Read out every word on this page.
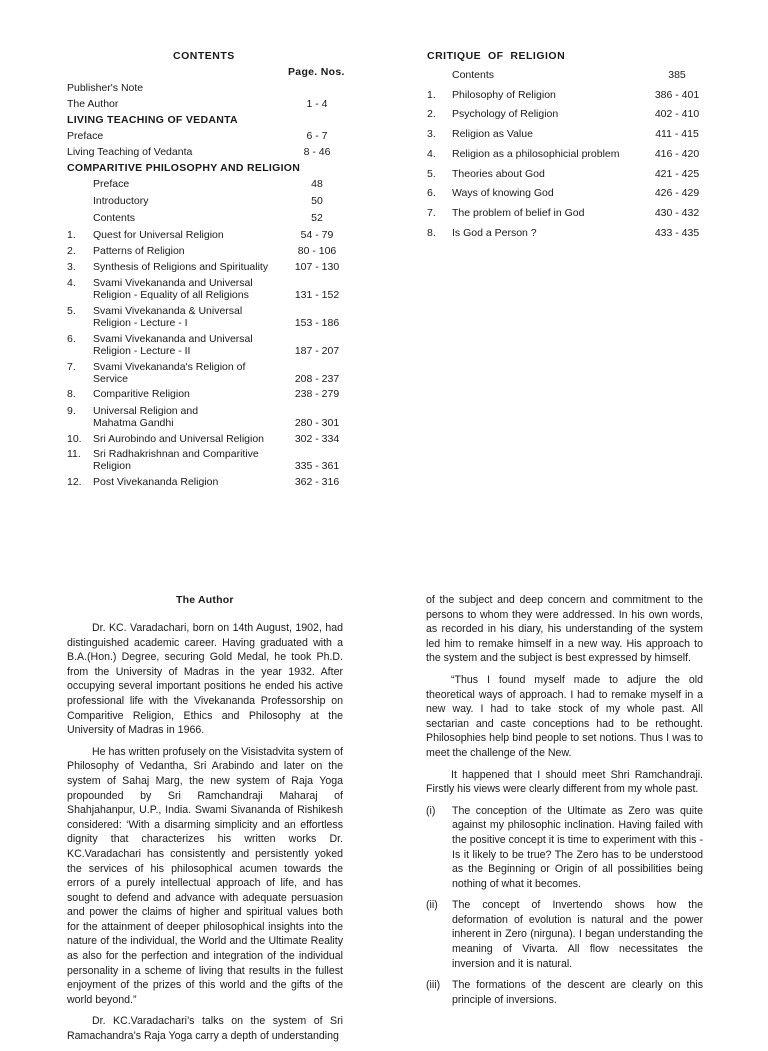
CONTENTS
Page. Nos.
Publisher's Note
The Author	1 - 4
LIVING TEACHING OF VEDANTA
Preface	6 - 7
Living Teaching of Vedanta	8 - 46
COMPARITIVE PHILOSOPHY AND RELIGION
Preface	48
Introductory	50
Contents	52
1. Quest for Universal Religion	54 - 79
2. Patterns of Religion	80 - 106
3. Synthesis of Religions and Spirituality	107 - 130
4. Svami Vivekananda and Universal
Religion - Equality of all Religions	131 - 152
5. Svami Vivekananda & Universal
Religion - Lecture - I	153 - 186
6. Svami Vivekananda and Universal
Religion - Lecture - II	187 - 207
7. Svami Vivekananda's Religion of
Service	208 - 237
8. Comparitive Religion	238 - 279
9. Universal Religion and
Mahatma Gandhi	280 - 301
10. Sri Aurobindo and Universal Religion	302 - 334
11. Sri Radhakrishnan and Comparitive
Religion	335 - 361
12. Post Vivekananda Religion	362 - 316
CRITIQUE  OF  RELIGION
Contents	385
1. Philosophy of Religion	386 - 401
2. Psychology of Religion	402 - 410
3. Religion as Value	411 - 415
4. Religion as a philosophicial problem	416 - 420
5. Theories about God	421 - 425
6. Ways of knowing God	426 - 429
7. The problem of belief in God	430 - 432
8. Is God a Person ?	433 - 435
The Author

Dr. KC. Varadachari, born on 14th August, 1902, had distinguished academic career. Having graduated with a B.A.(Hon.) Degree, securing Gold Medal, he took Ph.D. from the University of Madras in the year 1932. After occupying several important positions he ended his active professional life with the Vivekananda Professorship on Comparitive Religion, Ethics and Philosophy at the University of Madras in 1966.

He has written profusely on the Visistadvita system of Philosophy of Vedantha, Sri Arabindo and later on the system of Sahaj Marg, the new system of Raja Yoga propounded by Sri Ramchandraji Maharaj of Shahjahanpur, U.P., India. Swami Sivananda of Rishikesh considered: ‘With a disarming simplicity and an effortless dignity that characterizes his written works Dr. KC.Varadachari has consistently and persistently yoked the services of his philosophical acumen towards the errors of a purely intellectual approach of life, and has sought to defend and advance with adequate persuasion and power the claims of higher and spiritual values both for the attainment of deeper philosophical insights into the nature of the individual, the World and the Ultimate Reality as also for the perfection and integration of the individual personality in a scheme of living that results in the fullest enjoyment of the prizes of this world and the gifts of the world beyond.”

Dr. KC.Varadachari’s talks on the system of Sri Ramachandra’s Raja Yoga carry a depth of understanding

of the subject and deep concern and commitment to the persons to whom they were addressed. In his own words, as recorded in his diary, his understanding of the system led him to remake himself in a new way. His approach to the system and the subject is best expressed by himself.

“Thus I found myself made to adjure the old theoretical ways of approach. I had to remake myself in a new way. I had to take stock of my whole past. All sectarian and caste conceptions had to be rethought. Philosophies help bind people to set notions. Thus I was to meet the challenge of the New.

It happened that I should meet Shri Ramchandraji. Firstly his views were clearly different from my whole past.

(i) The conception of the Ultimate as Zero was quite against my philosophic inclination. Having failed with the positive concept it is time to experiment with this - Is it likely to be true? The Zero has to be understood as the Beginning or Origin of all possibilities being nothing of what it becomes.
(ii) The concept of Invertendo shows how the deformation of evolution is natural and the power inherent in Zero (nirguna). I began understanding the meaning of Vivarta. All flow necessitates the inversion and it is natural.
(iii) The formations of the descent are clearly on this principle of inversions.
